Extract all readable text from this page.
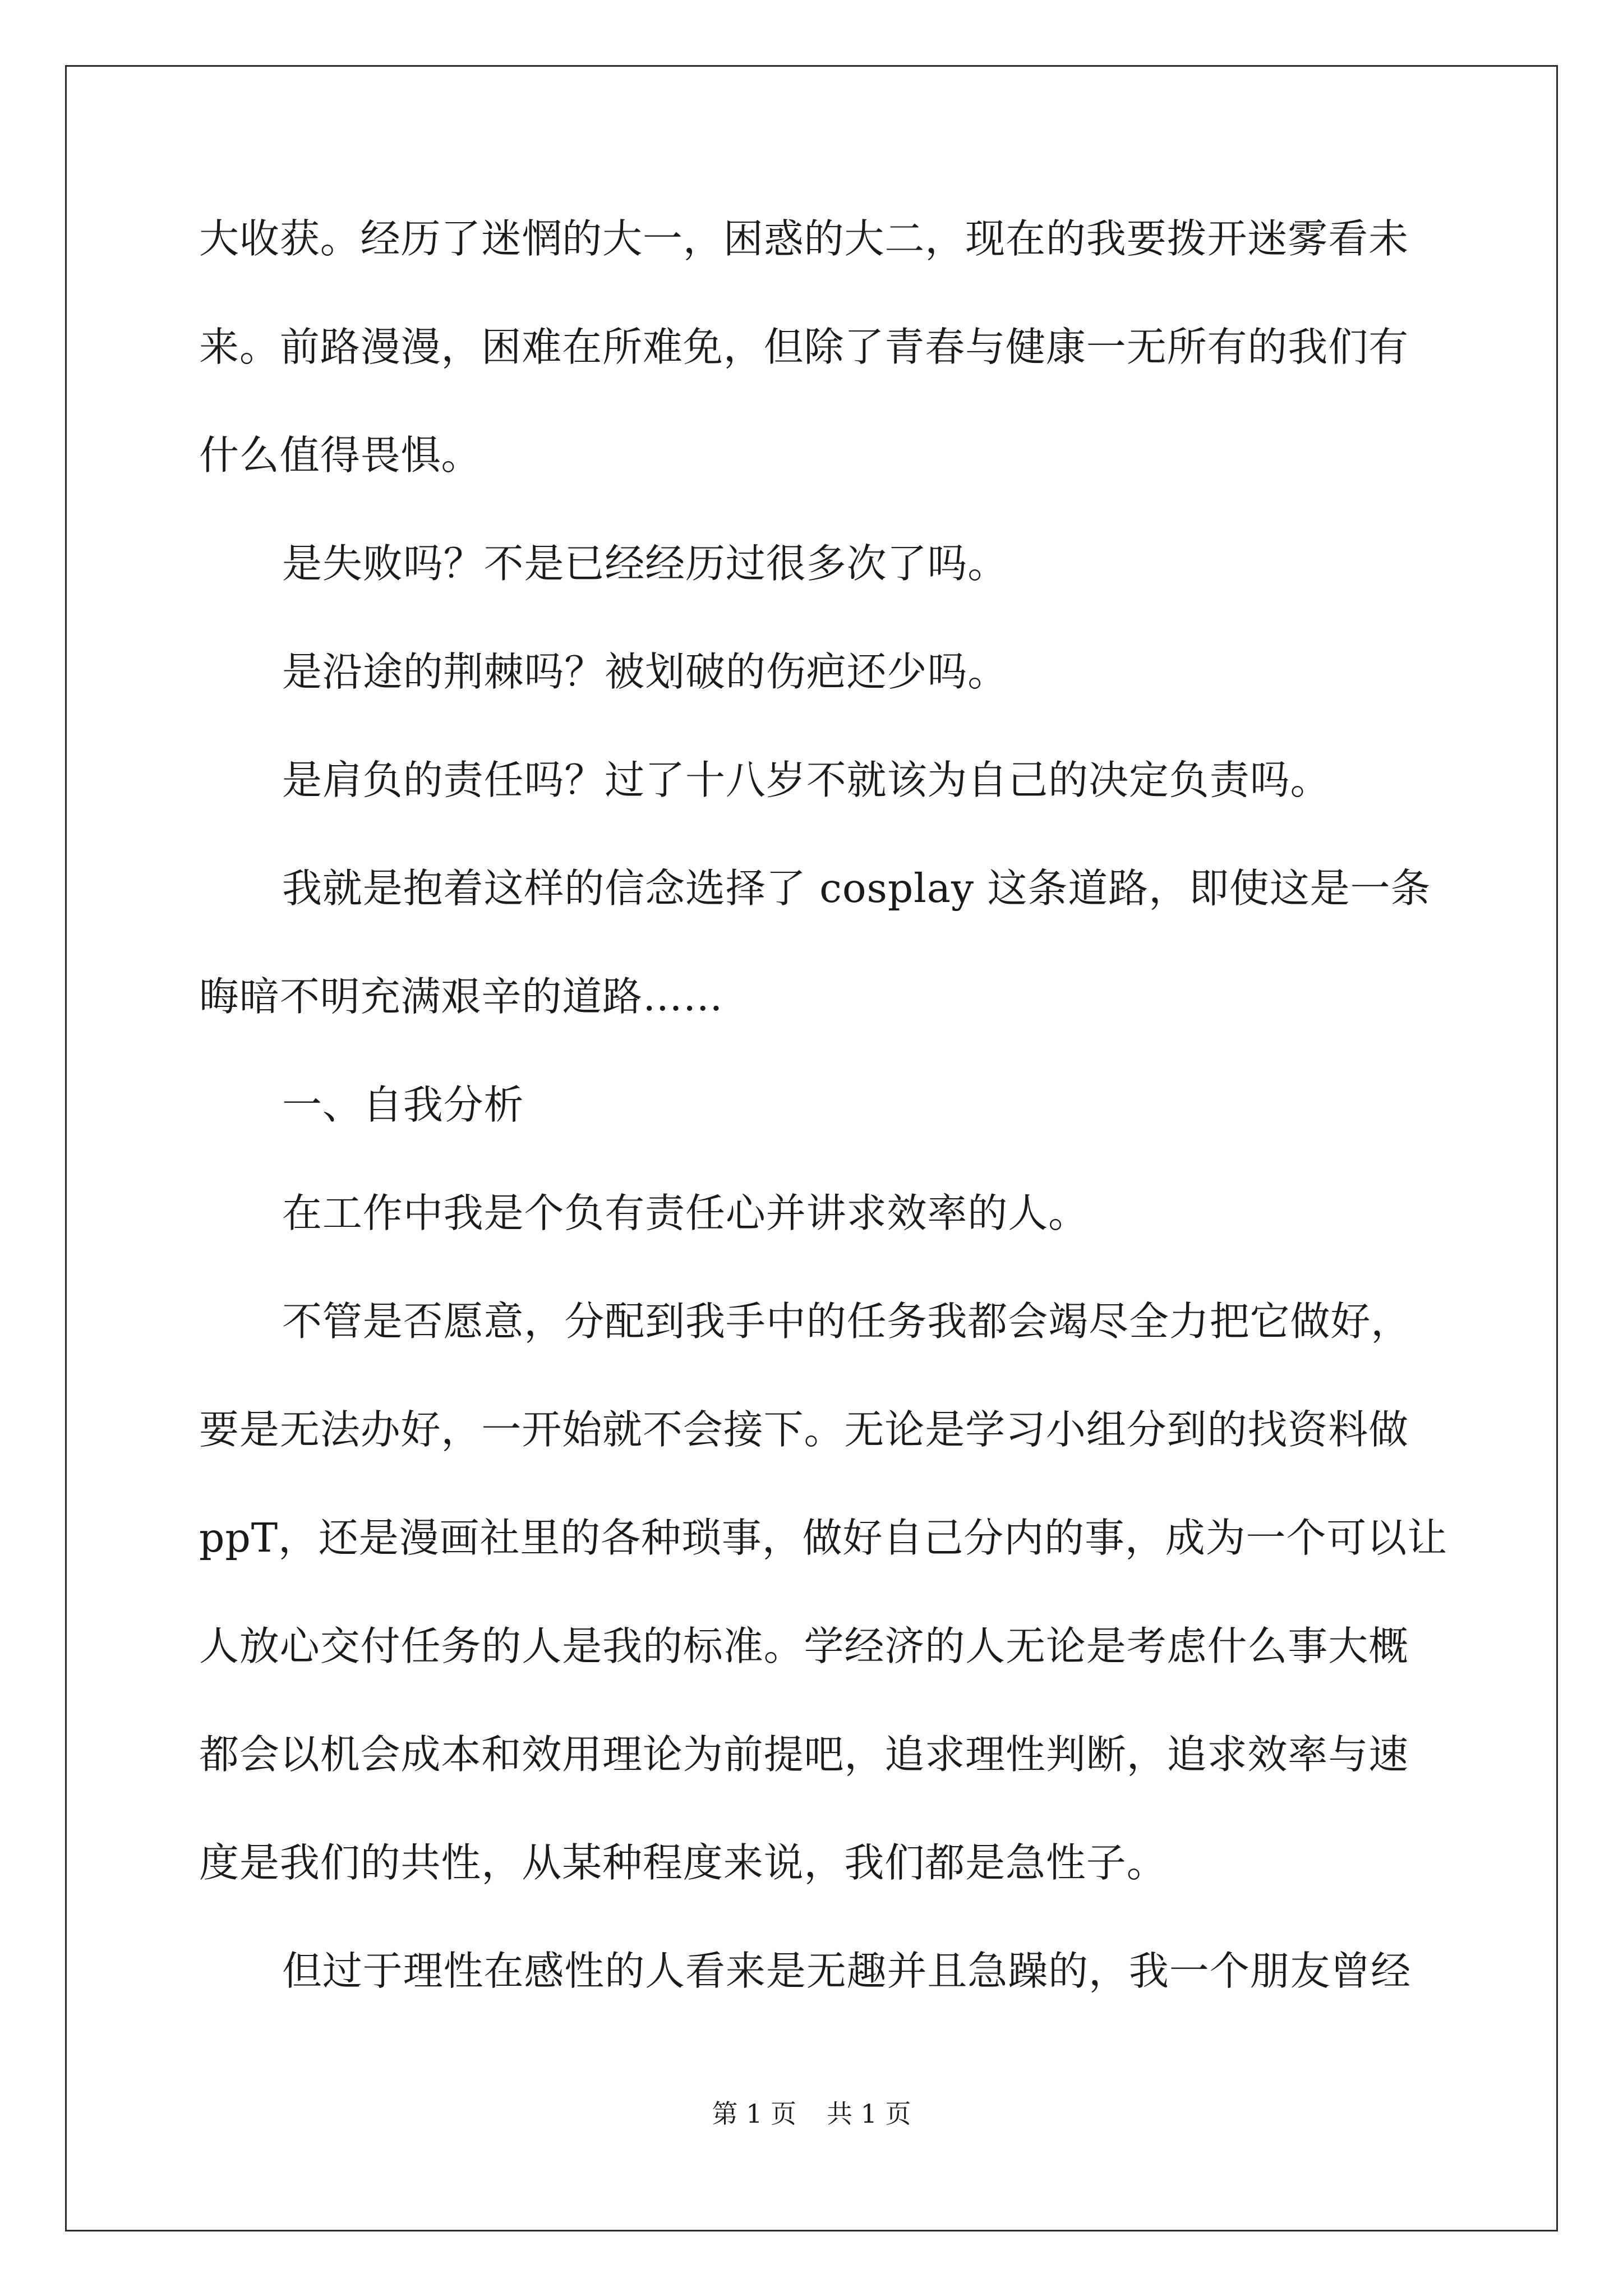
大收获。经历了迷惘的大一，困惑的大二，现在的我要拨开迷雾看未

来。前路漫漫，困难在所难免，但除了青春与健康一无所有的我们有

什么值得畏惧。

是失败吗？不是已经经历过很多次了吗。

是沿途的荆棘吗？被划破的伤疤还少吗。

是肩负的责任吗？过了十八岁不就该为自己的决定负责吗。

我就是抱着这样的信念选择了 cosplay 这条道路，即使这是一条

晦暗不明充满艰辛的道路……

一、自我分析

在工作中我是个负有责任心并讲求效率的人。

不管是否愿意，分配到我手中的任务我都会竭尽全力把它做好，

要是无法办好，一开始就不会接下。无论是学习小组分到的找资料做

ppT，还是漫画社里的各种琐事，做好自己分内的事，成为一个可以让

人放心交付任务的人是我的标准。学经济的人无论是考虑什么事大概

都会以机会成本和效用理论为前提吧，追求理性判断，追求效率与速

度是我们的共性，从某种程度来说，我们都是急性子。

但过于理性在感性的人看来是无趣并且急躁的，我一个朋友曾经

第 1 页 共 1 页
